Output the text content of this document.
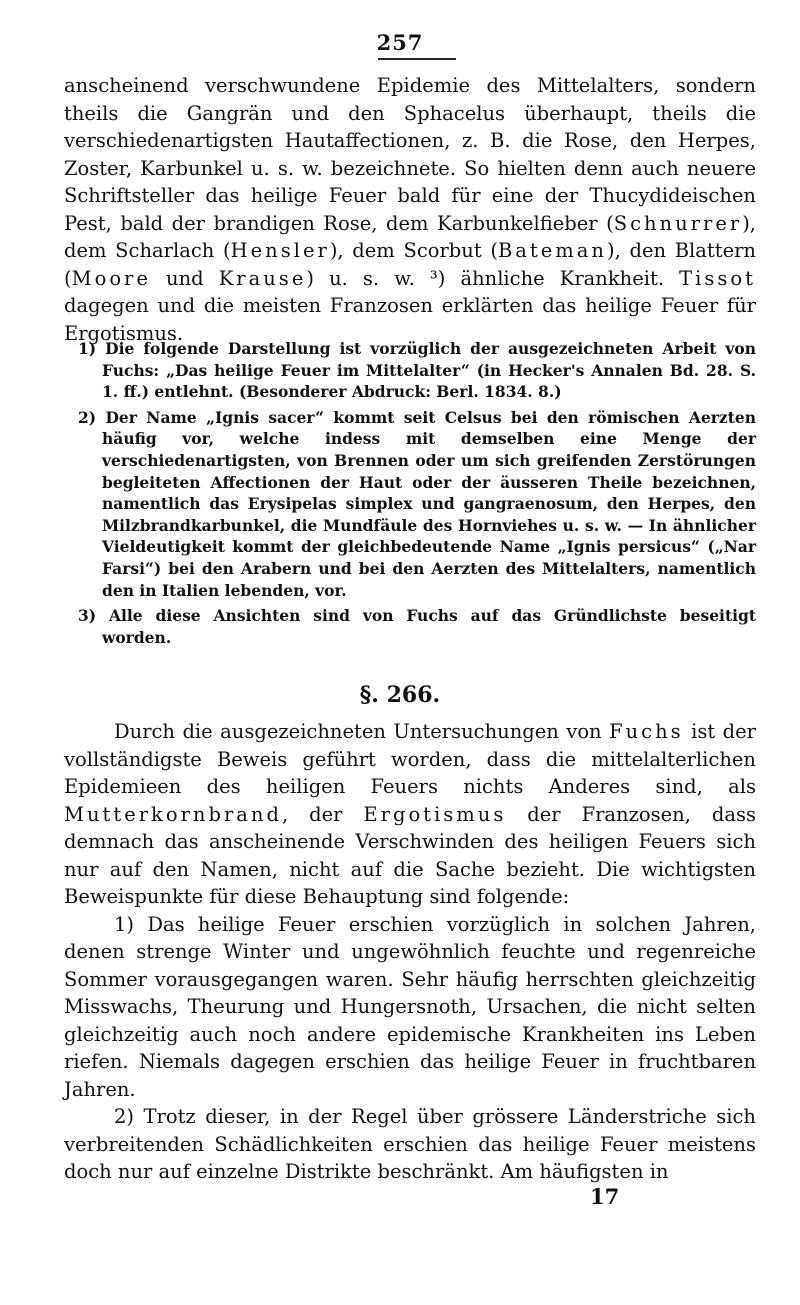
257

anscheinend verschwundene Epidemie des Mittelalters, sondern theils die Gangrän und den Sphacelus überhaupt, theils die verschiedenartigsten Hautaffectionen, z. B. die Rose, den Herpes, Zoster, Karbunkel u. s. w. bezeichnete. So hielten denn auch neuere Schriftsteller das heilige Feuer bald für eine der Thucydideischen Pest, bald der brandigen Rose, dem Karbunkelfieber (Schnurrer), dem Scharlach (Hensler), dem Scorbut (Bateman), den Blattern (Moore und Krause) u. s. w. ³) ähnliche Krankheit. Tissot dagegen und die meisten Franzosen erklärten das heilige Feuer für Ergotismus.

1) Die folgende Darstellung ist vorzüglich der ausgezeichneten Arbeit von Fuchs: „Das heilige Feuer im Mittelalter“ (in Hecker's Annalen Bd. 28. S. 1. ff.) entlehnt. (Besonderer Abdruck: Berl. 1834. 8.)

2) Der Name „Ignis sacer“ kommt seit Celsus bei den römischen Aerzten häufig vor, welche indess mit demselben eine Menge der verschiedenartigsten, von Brennen oder um sich greifenden Zerstörungen begleiteten Affectionen der Haut oder der äusseren Theile bezeichnen, namentlich das Erysipelas simplex und gangraenosum, den Herpes, den Milzbrandkarbunkel, die Mundfäule des Hornviehes u. s. w. — In ähnlicher Vieldeutigkeit kommt der gleichbedeutende Name „Ignis persicus“ („Nar Farsi“) bei den Arabern und bei den Aerzten des Mittelalters, namentlich den in Italien lebenden, vor.

3) Alle diese Ansichten sind von Fuchs auf das Gründlichste beseitigt worden.

§. 266.

Durch die ausgezeichneten Untersuchungen von Fuchs ist der vollständigste Beweis geführt worden, dass die mittelalterlichen Epidemieen des heiligen Feuers nichts Anderes sind, als Mutterkornbrand, der Ergotismus der Franzosen, dass demnach das anscheinende Verschwinden des heiligen Feuers sich nur auf den Namen, nicht auf die Sache bezieht. Die wichtigsten Beweispunkte für diese Behauptung sind folgende:

1) Das heilige Feuer erschien vorzüglich in solchen Jahren, denen strenge Winter und ungewöhnlich feuchte und regenreiche Sommer vorausgegangen waren. Sehr häufig herrschten gleichzeitig Misswachs, Theurung und Hungersnoth, Ursachen, die nicht selten gleichzeitig auch noch andere epidemische Krankheiten ins Leben riefen. Niemals dagegen erschien das heilige Feuer in fruchtbaren Jahren.

2) Trotz dieser, in der Regel über grössere Länderstriche sich verbreitenden Schädlichkeiten erschien das heilige Feuer meistens doch nur auf einzelne Distrikte beschränkt. Am häufigsten in

17
